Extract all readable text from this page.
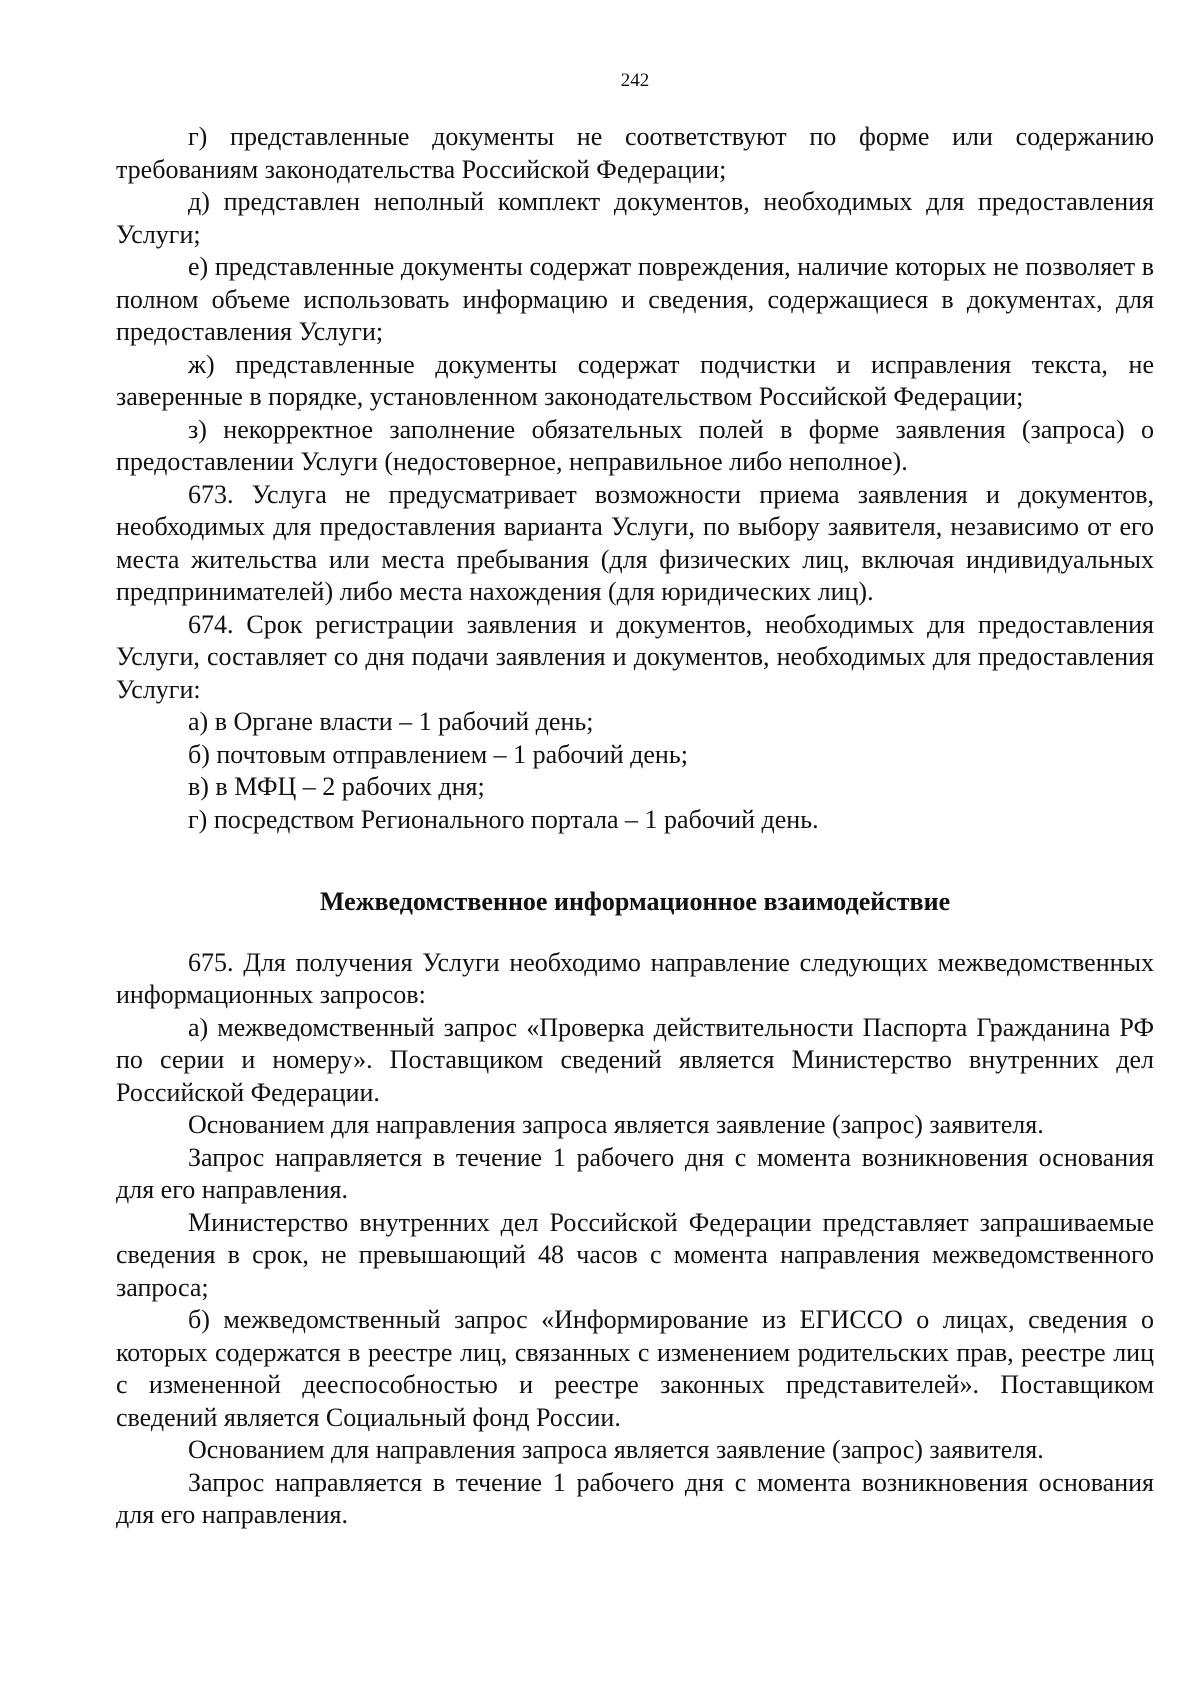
242

г) представленные документы не соответствуют по форме или содержанию требованиям законодательства Российской Федерации;

д) представлен неполный комплект документов, необходимых для предоставления Услуги;

е) представленные документы содержат повреждения, наличие которых не позволяет в полном объеме использовать информацию и сведения, содержащиеся в документах, для предоставления Услуги;

ж) представленные документы содержат подчистки и исправления текста, не заверенные в порядке, установленном законодательством Российской Федерации;

з) некорректное заполнение обязательных полей в форме заявления (запроса) о предоставлении Услуги (недостоверное, неправильное либо неполное).

673. Услуга не предусматривает возможности приема заявления и документов, необходимых для предоставления варианта Услуги, по выбору заявителя, независимо от его места жительства или места пребывания (для физических лиц, включая индивидуальных предпринимателей) либо места нахождения (для юридических лиц).

674. Срок регистрации заявления и документов, необходимых для предоставления Услуги, составляет со дня подачи заявления и документов, необходимых для предоставления Услуги:

а) в Органе власти – 1 рабочий день;

б) почтовым отправлением – 1 рабочий день;

в) в МФЦ – 2 рабочих дня;

г) посредством Регионального портала – 1 рабочий день.

Межведомственное информационное взаимодействие

675. Для получения Услуги необходимо направление следующих межведомственных информационных запросов:

а) межведомственный запрос «Проверка действительности Паспорта Гражданина РФ по серии и номеру». Поставщиком сведений является Министерство внутренних дел Российской Федерации.

Основанием для направления запроса является заявление (запрос) заявителя.

Запрос направляется в течение 1 рабочего дня с момента возникновения основания для его направления.

Министерство внутренних дел Российской Федерации представляет запрашиваемые сведения в срок, не превышающий 48 часов с момента направления межведомственного запроса;

б) межведомственный запрос «Информирование из ЕГИССО о лицах, сведения о которых содержатся в реестре лиц, связанных с изменением родительских прав, реестре лиц с измененной дееспособностью и реестре законных представителей». Поставщиком сведений является Социальный фонд России.

Основанием для направления запроса является заявление (запрос) заявителя.

Запрос направляется в течение 1 рабочего дня с момента возникновения основания для его направления.
